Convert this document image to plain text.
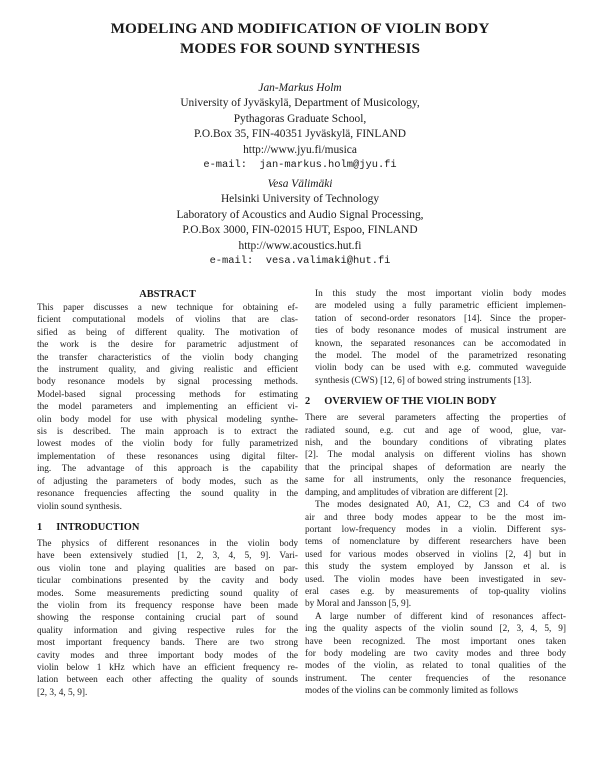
MODELING AND MODIFICATION OF VIOLIN BODY
MODES FOR SOUND SYNTHESIS
Jan-Markus Holm
University of Jyväskylä, Department of Musicology,
Pythagoras Graduate School,
P.O.Box 35, FIN-40351 Jyväskylä, FINLAND
http://www.jyu.fi/musica
e-mail: jan-markus.holm@jyu.fi
Vesa Välimäki
Helsinki University of Technology
Laboratory of Acoustics and Audio Signal Processing,
P.O.Box 3000, FIN-02015 HUT, Espoo, FINLAND
http://www.acoustics.hut.fi
e-mail: vesa.valimaki@hut.fi
ABSTRACT
This paper discusses a new technique for obtaining ef-
ficient computational models of violins that are clas-
sified as being of different quality. The motivation of
the work is the desire for parametric adjustment of
the transfer characteristics of the violin body changing
the instrument quality, and giving realistic and efficient
body resonance models by signal processing methods.
Model-based signal processing methods for estimating
the model parameters and implementing an efficient vi-
olin body model for use with physical modeling synthe-
sis is described. The main approach is to extract the
lowest modes of the violin body for fully parametrized
implementation of these resonances using digital filter-
ing. The advantage of this approach is the capability
of adjusting the parameters of body modes, such as the
resonance frequencies affecting the sound quality in the
violin sound synthesis.
1 INTRODUCTION
The physics of different resonances in the violin body
have been extensively studied [1, 2, 3, 4, 5, 9]. Vari-
ous violin tone and playing qualities are based on par-
ticular combinations presented by the cavity and body
modes. Some measurements predicting sound quality of
the violin from its frequency response have been made
showing the response containing crucial part of sound
quality information and giving respective rules for the
most important frequency bands. There are two strong
cavity modes and three important body modes of the
violin below 1 kHz which have an efficient frequency re-
lation between each other affecting the quality of sounds
[2, 3, 4, 5, 9].
In this study the most important violin body modes
are modeled using a fully parametric efficient implemen-
tation of second-order resonators [14]. Since the proper-
ties of body resonance modes of musical instrument are
known, the separated resonances can be accomodated in
the model. The model of the parametrized resonating
violin body can be used with e.g. commuted waveguide
synthesis (CWS) [12, 6] of bowed string instruments [13].
2 OVERVIEW OF THE VIOLIN BODY
There are several parameters affecting the properties of
radiated sound, e.g. cut and age of wood, glue, var-
nish, and the boundary conditions of vibrating plates
[2]. The modal analysis on different violins has shown
that the principal shapes of deformation are nearly the
same for all instruments, only the resonance frequencies,
damping, and amplitudes of vibration are different [2].
The modes designated A0, A1, C2, C3 and C4 of two
air and three body modes appear to be the most im-
portant low-frequency modes in a violin. Different sys-
tems of nomenclature by different researchers have been
used for various modes observed in violins [2, 4] but in
this study the system employed by Jansson et al. is
used. The violin modes have been investigated in sev-
eral cases e.g. by measurements of top-quality violins
by Moral and Jansson [5, 9].
A large number of different kind of resonances affect-
ing the quality aspects of the violin sound [2, 3, 4, 5, 9]
have been recognized. The most important ones taken
for body modeling are two cavity modes and three body
modes of the violin, as related to tonal qualities of the
instrument. The center frequencies of the resonance
modes of the violins can be commonly limited as follows
